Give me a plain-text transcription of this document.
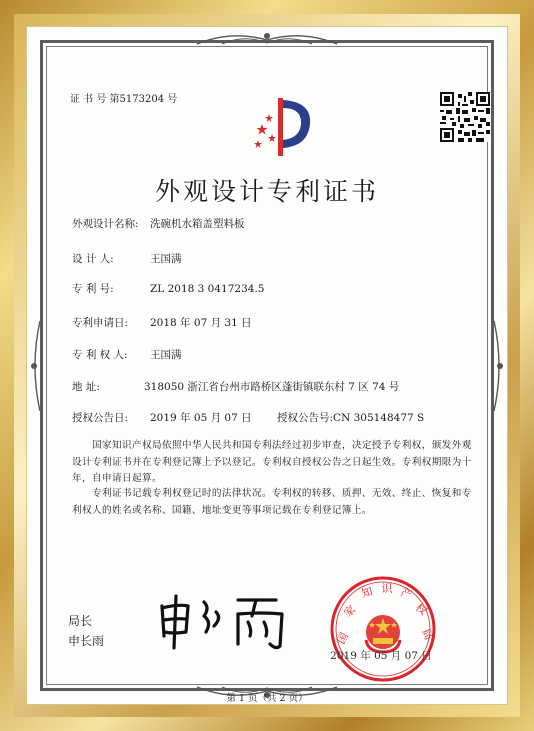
证 书 号 第5173204 号
外观设计专利证书
外观设计名称: 洗碗机水箱盖塑料板
设 计 人:	王国满
专 利 号:	ZL 2018 3 0417234.5
专利申请日: 2018 年 07 月 31 日
专 利 权 人: 王国满
地 址:	318050 浙江省台州市路桥区蓬街镇联东村 7 区 74 号
授权公告日: 2019 年 05 月 07 日 授权公告号:CN 305148477 S
国家知识产权局依照中华人民共和国专利法经过初步审查，决定授予专利权，颁发外观设计专利证书并在专利登记簿上予以登记。专利权自授权公告之日起生效。专利权期限为十年，自申请日起算。
专利证书记载专利权登记时的法律状况。专利权的转移、质押、无效、终止、恢复和专利权人的姓名或名称、国籍、地址变更等事项记载在专利登记簿上。
局长
申长雨	国
家
知 识 产
权
局
2019 年 05 月 07 日
第 1 页（共 2 页）
